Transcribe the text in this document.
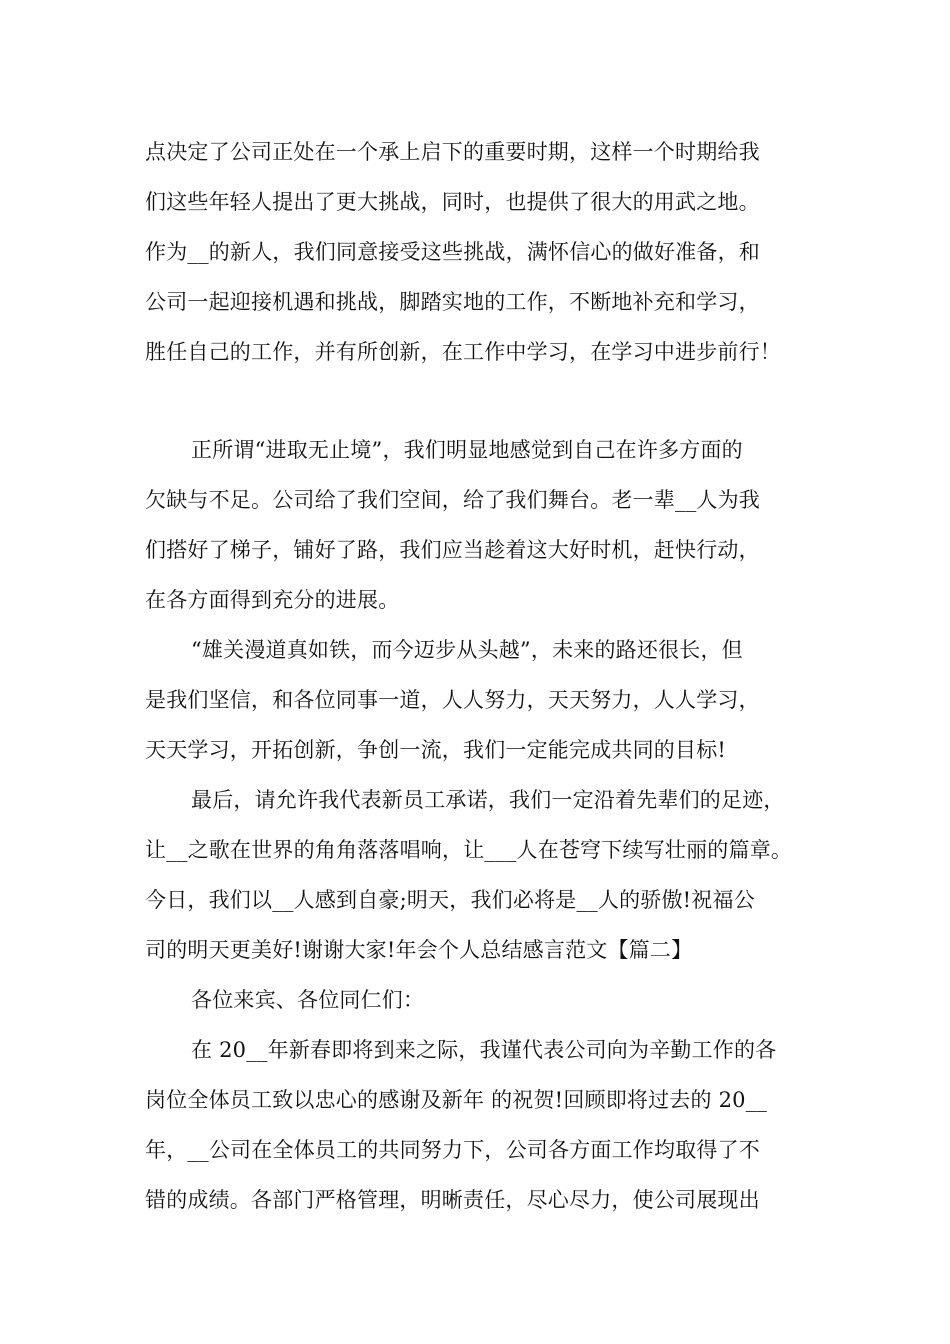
点决定了公司正处在一个承上启下的重要时期，这样一个时期给我
们这些年轻人提出了更大挑战，同时，也提供了很大的用武之地。
作为__的新人，我们同意接受这些挑战，满怀信心的做好准备，和
公司一起迎接机遇和挑战，脚踏实地的工作，不断地补充和学习，
胜任自己的工作，并有所创新，在工作中学习，在学习中进步前行！
正所谓“进取无止境”，我们明显地感觉到自己在许多方面的
欠缺与不足。公司给了我们空间，给了我们舞台。老一辈__人为我
们搭好了梯子，铺好了路，我们应当趁着这大好时机，赶快行动，
在各方面得到充分的进展。
“雄关漫道真如铁，而今迈步从头越”，未来的路还很长，但
是我们坚信，和各位同事一道，人人努力，天天努力，人人学习，
天天学习，开拓创新，争创一流，我们一定能完成共同的目标!
最后，请允许我代表新员工承诺，我们一定沿着先辈们的足迹，
让__之歌在世界的角角落落唱响，让___人在苍穹下续写壮丽的篇章。
今日，我们以__人感到自豪;明天，我们必将是__人的骄傲!祝福公
司的明天更美好!谢谢大家!年会个人总结感言范文【篇二】
各位来宾、各位同仁们：
在 20__年新春即将到来之际，我谨代表公司向为辛勤工作的各
岗位全体员工致以忠心的感谢及新年 的祝贺!回顾即将过去的 20__
年，__公司在全体员工的共同努力下，公司各方面工作均取得了不
错的成绩。各部门严格管理，明晰责任，尽心尽力，使公司展现出
